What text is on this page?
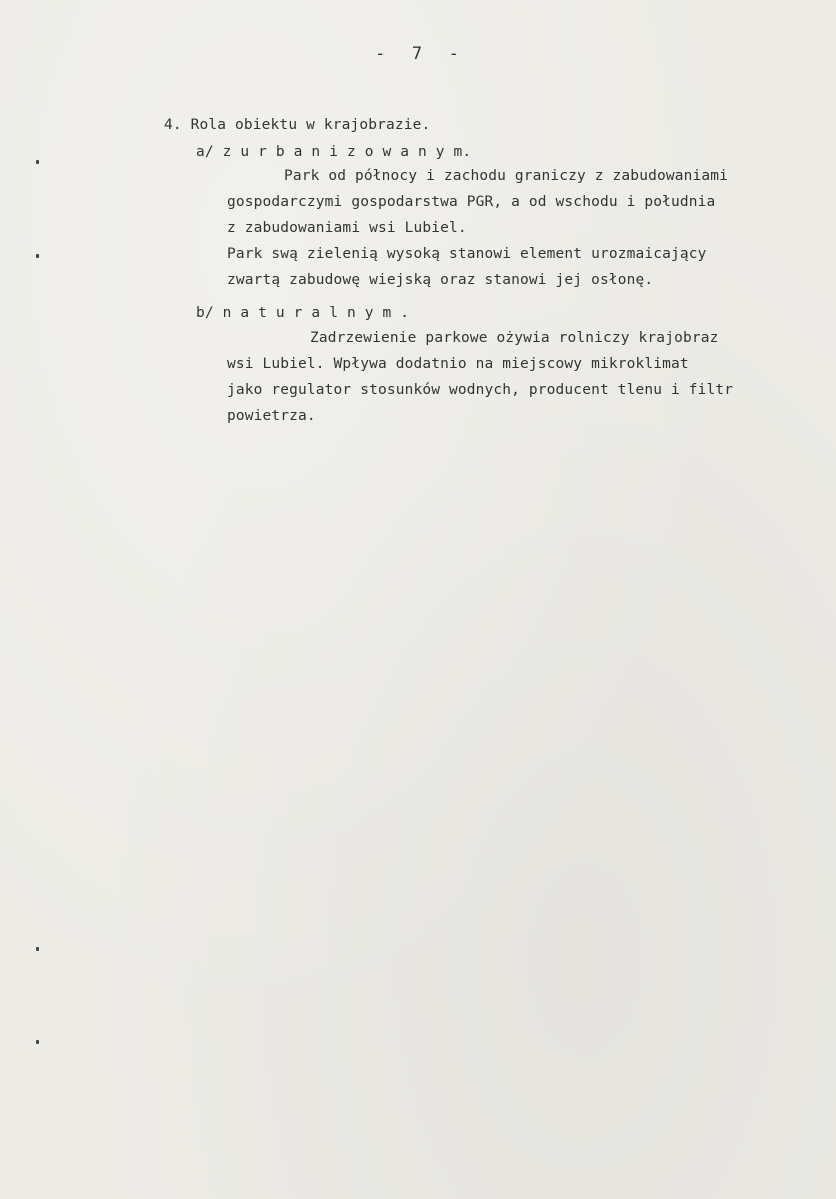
-  7  -
4. Rola obiektu w krajobrazie.
a/ z u r b a n i z o w a n y m.
Park od północy i zachodu graniczy z zabudowaniami
gospodarczymi gospodarstwa PGR, a od wschodu i południa
z zabudowaniami wsi Lubiel.
Park swą zielenią wysoką stanowi element urozmaicający
zwartą zabudowę wiejską oraz stanowi jej osłonę.
b/ n a t u r a l n y m .
Zadrzewienie parkowe ożywia rolniczy krajobraz
wsi Lubiel. Wpływa dodatnio na miejscowy mikroklimat
jako regulator stosunków wodnych, producent tlenu i filtr
powietrza.
